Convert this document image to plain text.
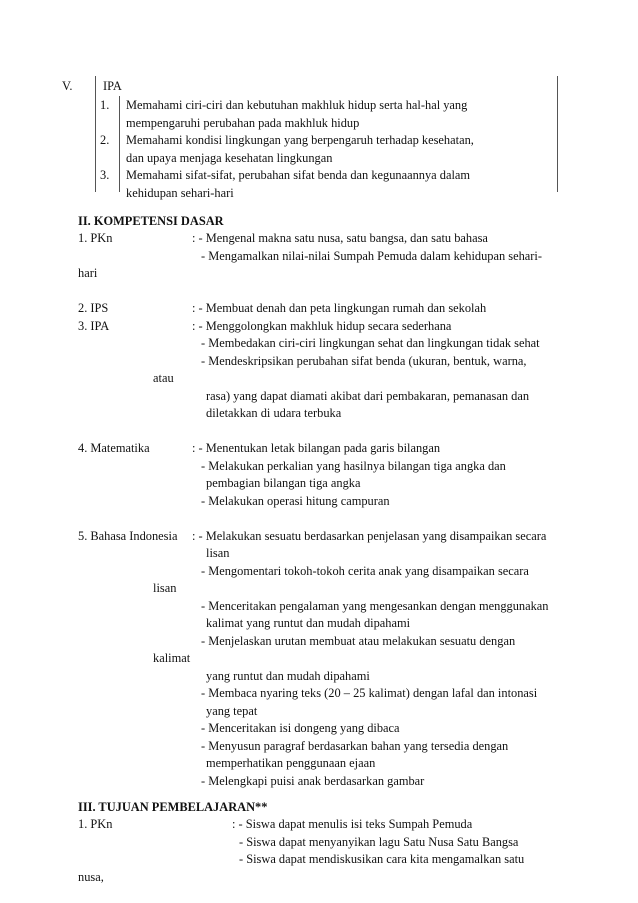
V. IPA
1. Memahami ciri-ciri dan kebutuhan makhluk hidup serta hal-hal yang
mempengaruhi perubahan pada makhluk hidup
2. Memahami kondisi lingkungan yang berpengaruh terhadap kesehatan,
dan upaya menjaga kesehatan lingkungan
3. Memahami sifat-sifat, perubahan sifat benda dan kegunaannya dalam
kehidupan sehari-hari
II. KOMPETENSI DASAR
1. PKn	: - Mengenal makna satu nusa, satu bangsa, dan satu bahasa
- Mengamalkan nilai-nilai Sumpah Pemuda dalam kehidupan sehari-
hari
2. IPS	: - Membuat denah dan peta lingkungan rumah dan sekolah
3. IPA	: - Menggolongkan makhluk hidup secara sederhana
- Membedakan ciri-ciri lingkungan sehat dan lingkungan tidak sehat
- Mendeskripsikan perubahan sifat benda (ukuran, bentuk, warna,
atau
rasa) yang dapat diamati akibat dari pembakaran, pemanasan dan
diletakkan di udara terbuka
4. Matematika	: - Menentukan letak bilangan pada garis bilangan
- Melakukan perkalian yang hasilnya bilangan tiga angka dan
pembagian bilangan tiga angka
- Melakukan operasi hitung campuran
5. Bahasa Indonesia : - Melakukan sesuatu berdasarkan penjelasan yang disampaikan secara
lisan
- Mengomentari tokoh-tokoh cerita anak yang disampaikan secara
lisan
- Menceritakan pengalaman yang mengesankan dengan menggunakan
kalimat yang runtut dan mudah dipahami
- Menjelaskan urutan membuat atau melakukan sesuatu dengan
kalimat
yang runtut dan mudah dipahami
- Membaca nyaring teks (20 – 25 kalimat) dengan lafal dan intonasi
yang tepat
- Menceritakan isi dongeng yang dibaca
- Menyusun paragraf berdasarkan bahan yang tersedia dengan
memperhatikan penggunaan ejaan
- Melengkapi puisi anak berdasarkan gambar
III. TUJUAN PEMBELAJARAN**
1. PKn	: - Siswa dapat menulis isi teks Sumpah Pemuda
- Siswa dapat menyanyikan lagu Satu Nusa Satu Bangsa
- Siswa dapat mendiskusikan cara kita mengamalkan satu
nusa,
